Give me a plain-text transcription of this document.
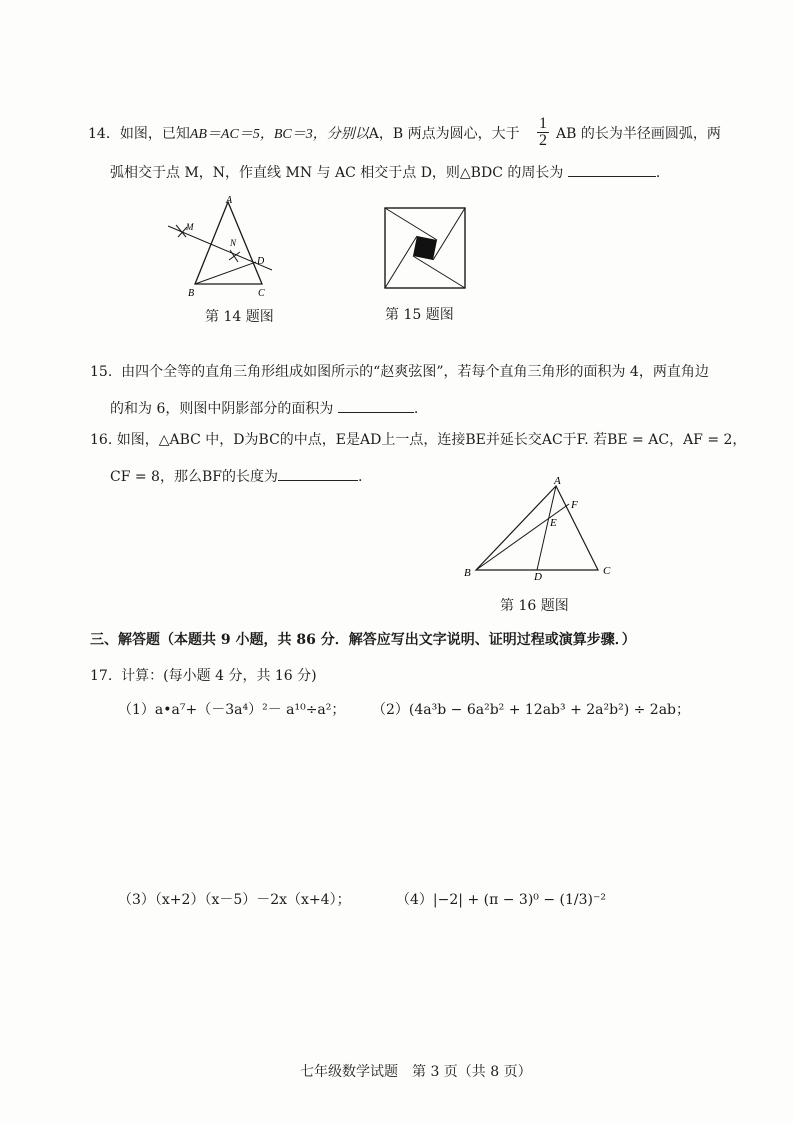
14．如图，已知AB＝AC＝5，BC＝3，分别以A，B 两点为圆心，大于 $\frac{1}{2}$ AB 的长为半径画圆弧，两
弧相交于点 M，N，作直线 MN 与 AC 相交于点 D，则△BDC 的周长为	.
A
B	C
D
M
N
第 14 题图	第 15 题图
15. 由四个全等的直角三角形组成如图所示的“赵爽弦图”，若每个直角三角形的面积为 4，两直角边
的和为 6，则图中阴影部分的面积为	.
16. 如图，△ABC 中，D为BC的中点，E是AD上一点，连接BE并延长交AC于F. 若BE = AC，AF = 2，
CF = 8，那么BF的长度为	.	A
B	C
D
E
F
第 16 题图
三、解答题（本题共 9 小题，共 86 分．解答应写出文字说明、证明过程或演算步骤．）
17. 计算：(每小题 4 分，共 16 分)
（1）a•a⁷+（－3a⁴）²－ a¹⁰÷a²； （2）(4a³b − 6a²b² + 12ab³ + 2a²b²) ÷ 2ab；
（3）（x+2）（x－5）－2x（x+4）；	（4）|−2| + (π − 3)⁰ − (1/3)⁻²
七年级数学试题　第 3 页（共 8 页）
